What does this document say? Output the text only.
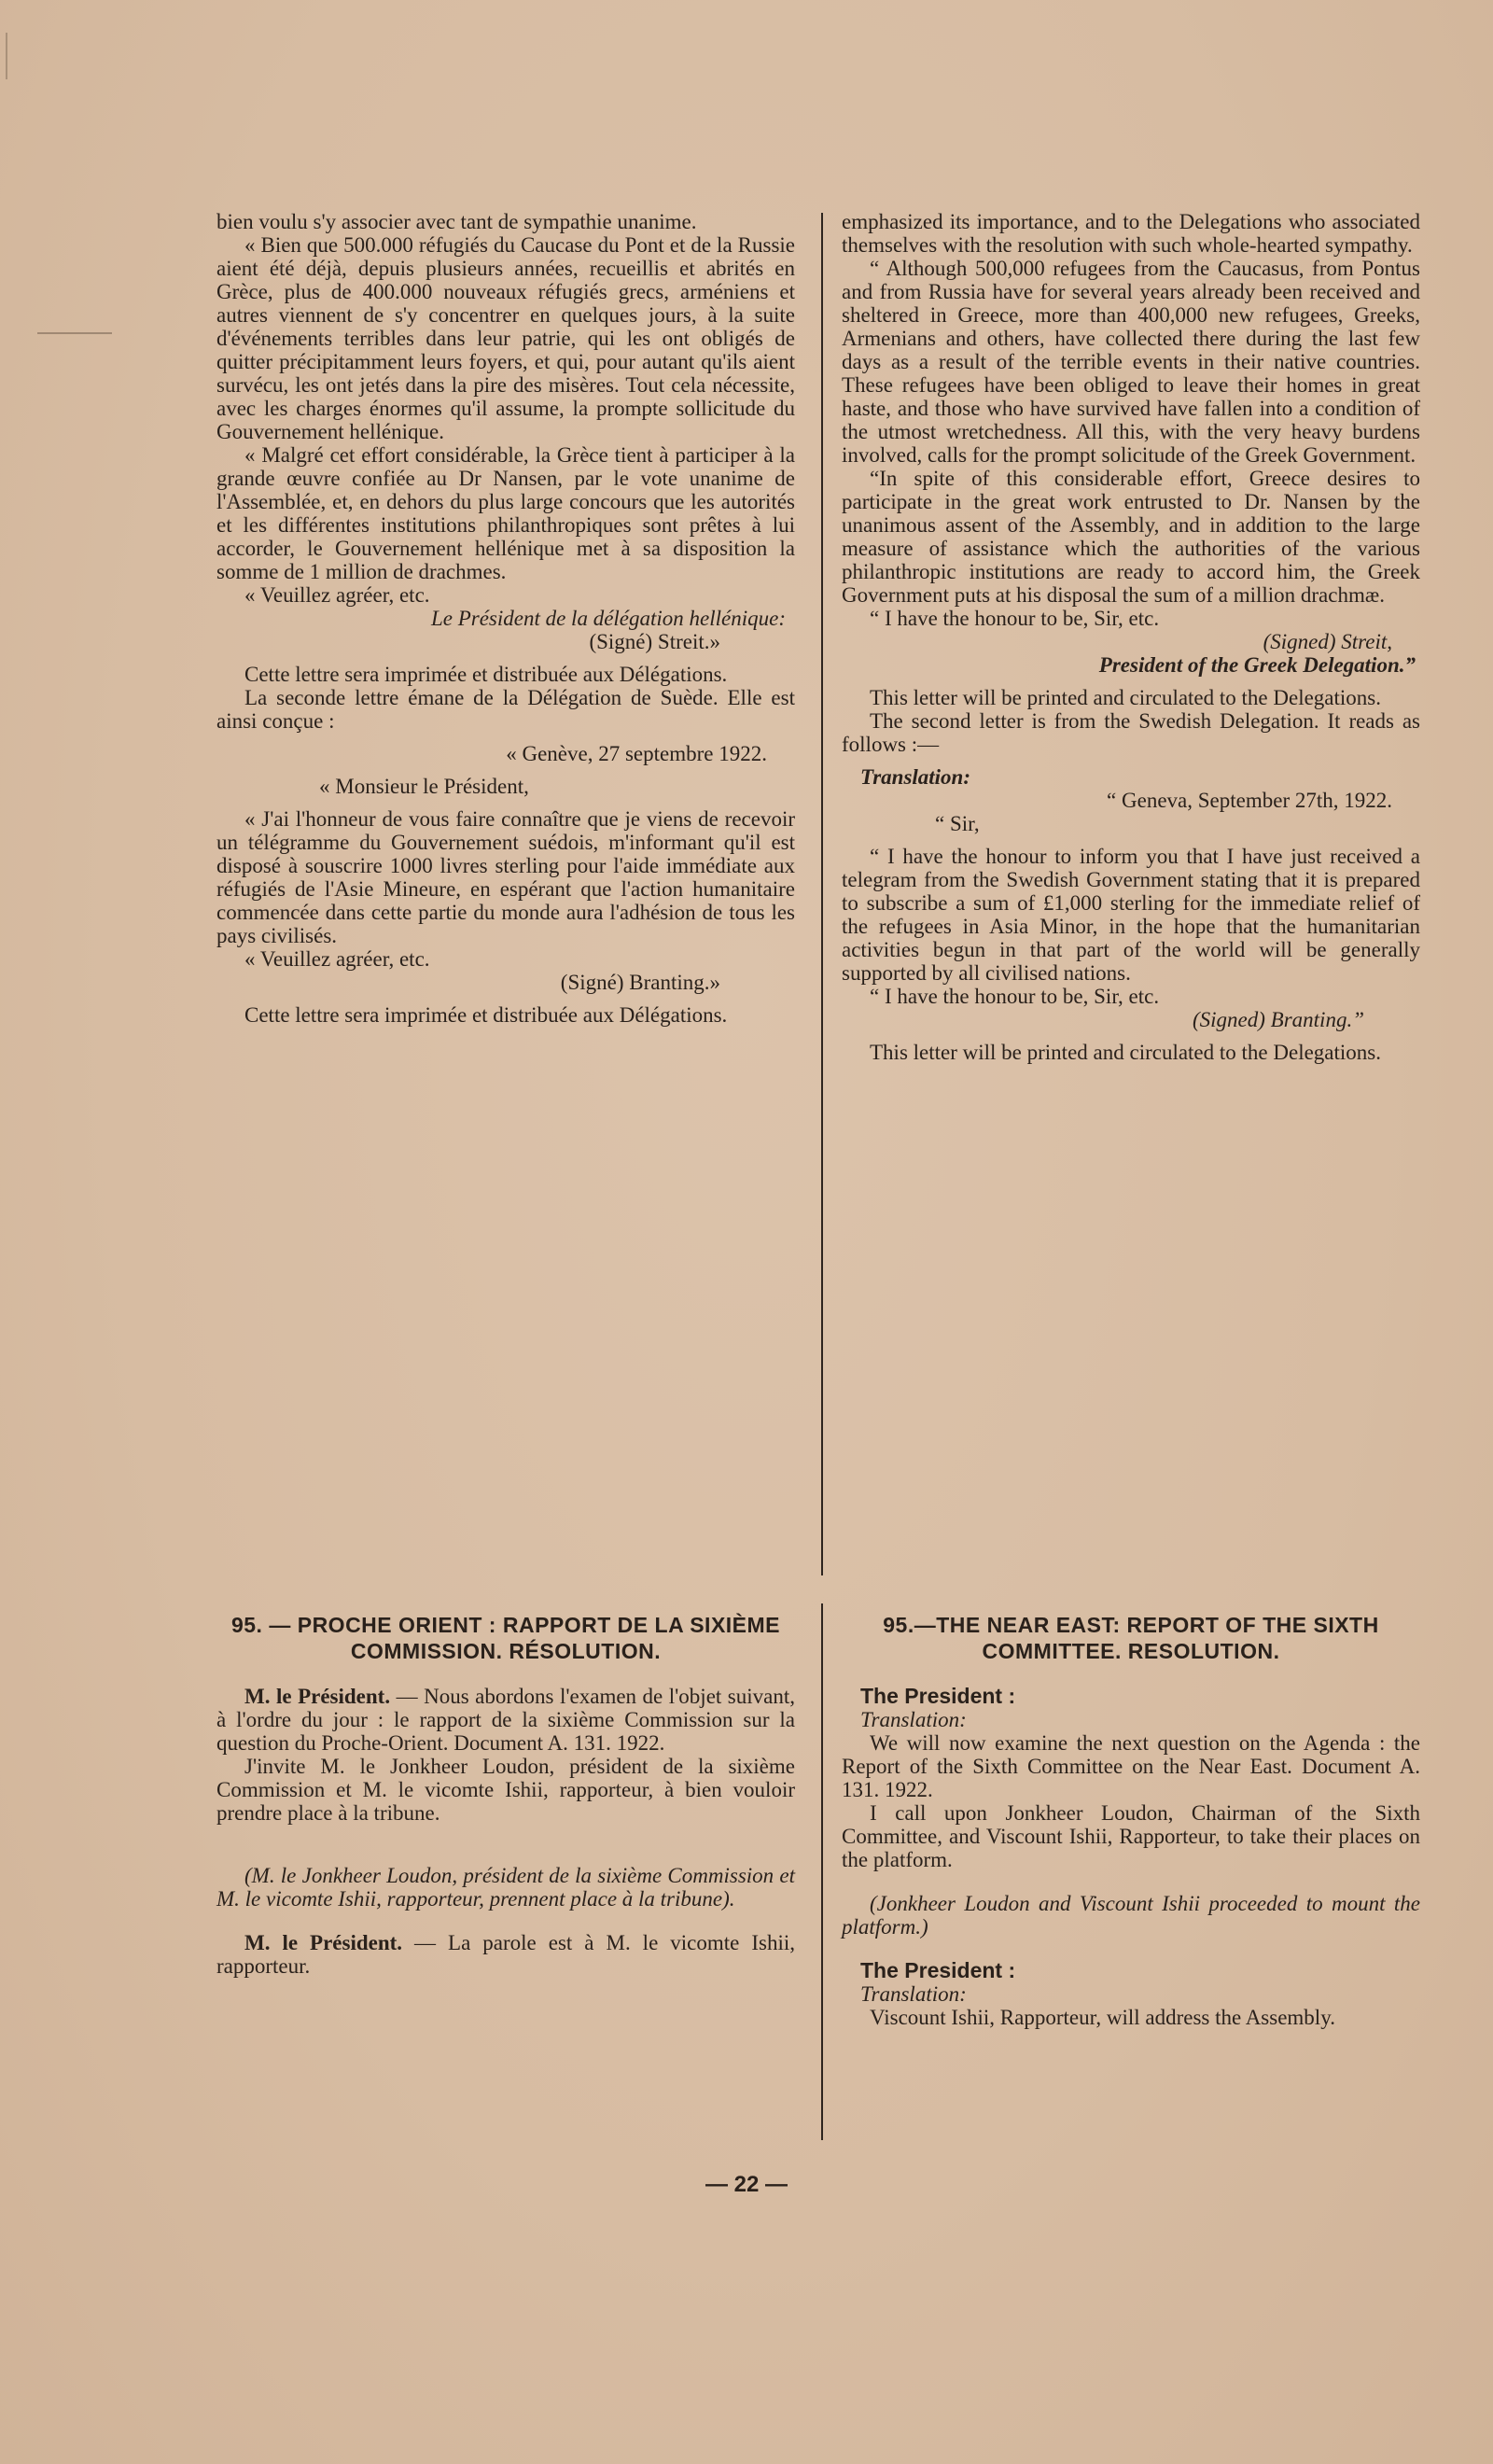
bien voulu s'y associer avec tant de sympathie unanime.

« Bien que 500.000 réfugiés du Caucase du Pont et de la Russie aient été déjà, depuis plusieurs années, recueillis et abrités en Grèce, plus de 400.000 nouveaux réfugiés grecs, arméniens et autres viennent de s'y concentrer en quelques jours, à la suite d'événements terribles dans leur patrie, qui les ont obligés de quitter précipitamment leurs foyers, et qui, pour autant qu'ils aient survécu, les ont jetés dans la pire des misères. Tout cela nécessite, avec les charges énormes qu'il assume, la prompte sollicitude du Gouvernement hellénique.

« Malgré cet effort considérable, la Grèce tient à participer à la grande œuvre confiée au Dr Nansen, par le vote unanime de l'Assemblée, et, en dehors du plus large concours que les autorités et les différentes institutions philanthropiques sont prêtes à lui accorder, le Gouvernement hellénique met à sa disposition la somme de 1 million de drachmes.

« Veuillez agréer, etc.

Le Président de la délégation hellénique:

(Signé) Streit.»

Cette lettre sera imprimée et distribuée aux Délégations.

La seconde lettre émane de la Délégation de Suède. Elle est ainsi conçue :

« Genève, 27 septembre 1922.

« Monsieur le Président,

« J'ai l'honneur de vous faire connaître que je viens de recevoir un télégramme du Gouvernement suédois, m'informant qu'il est disposé à souscrire 1000 livres sterling pour l'aide immédiate aux réfugiés de l'Asie Mineure, en espérant que l'action humanitaire commencée dans cette partie du monde aura l'adhésion de tous les pays civilisés.

« Veuillez agréer, etc.

(Signé) Branting.»

Cette lettre sera imprimée et distribuée aux Délégations.

emphasized its importance, and to the Delegations who associated themselves with the resolution with such whole-hearted sympathy.

“ Although 500,000 refugees from the Caucasus, from Pontus and from Russia have for several years already been received and sheltered in Greece, more than 400,000 new refugees, Greeks, Armenians and others, have collected there during the last few days as a result of the terrible events in their native countries. These refugees have been obliged to leave their homes in great haste, and those who have survived have fallen into a condition of the utmost wretchedness. All this, with the very heavy burdens involved, calls for the prompt solicitude of the Greek Government.

“In spite of this considerable effort, Greece desires to participate in the great work entrusted to Dr. Nansen by the unanimous assent of the Assembly, and in addition to the large measure of assistance which the authorities of the various philanthropic institutions are ready to accord him, the Greek Government puts at his disposal the sum of a million drachmæ.

“ I have the honour to be, Sir, etc.

(Signed) Streit,

President of the Greek Delegation.”

This letter will be printed and circulated to the Delegations.

The second letter is from the Swedish Delegation. It reads as follows :—

Translation:

“ Geneva, September 27th, 1922.

“ Sir,

“ I have the honour to inform you that I have just received a telegram from the Swedish Government stating that it is prepared to subscribe a sum of £1,000 sterling for the immediate relief of the refugees in Asia Minor, in the hope that the humanitarian activities begun in that part of the world will be generally supported by all civilised nations.

“ I have the honour to be, Sir, etc.

(Signed) Branting.”

This letter will be printed and circulated to the Delegations.

95. — PROCHE ORIENT : RAPPORT DE LA SIXIÈME COMMISSION. RÉSOLUTION.

M. le Président. — Nous abordons l'examen de l'objet suivant, à l'ordre du jour : le rapport de la sixième Commission sur la question du Proche-Orient. Document A. 131. 1922.

J'invite M. le Jonkheer Loudon, président de la sixième Commission et M. le vicomte Ishii, rapporteur, à bien vouloir prendre place à la tribune.

(M. le Jonkheer Loudon, président de la sixième Commission et M. le vicomte Ishii, rapporteur, prennent place à la tribune).

M. le Président. — La parole est à M. le vicomte Ishii, rapporteur.

95.—THE NEAR EAST: REPORT OF THE SIXTH COMMITTEE. RESOLUTION.

The President :

Translation:

We will now examine the next question on the Agenda : the Report of the Sixth Committee on the Near East. Document A. 131. 1922.

I call upon Jonkheer Loudon, Chairman of the Sixth Committee, and Viscount Ishii, Rapporteur, to take their places on the platform.

(Jonkheer Loudon and Viscount Ishii proceeded to mount the platform.)

The President :

Translation:

Viscount Ishii, Rapporteur, will address the Assembly.

— 22 —
